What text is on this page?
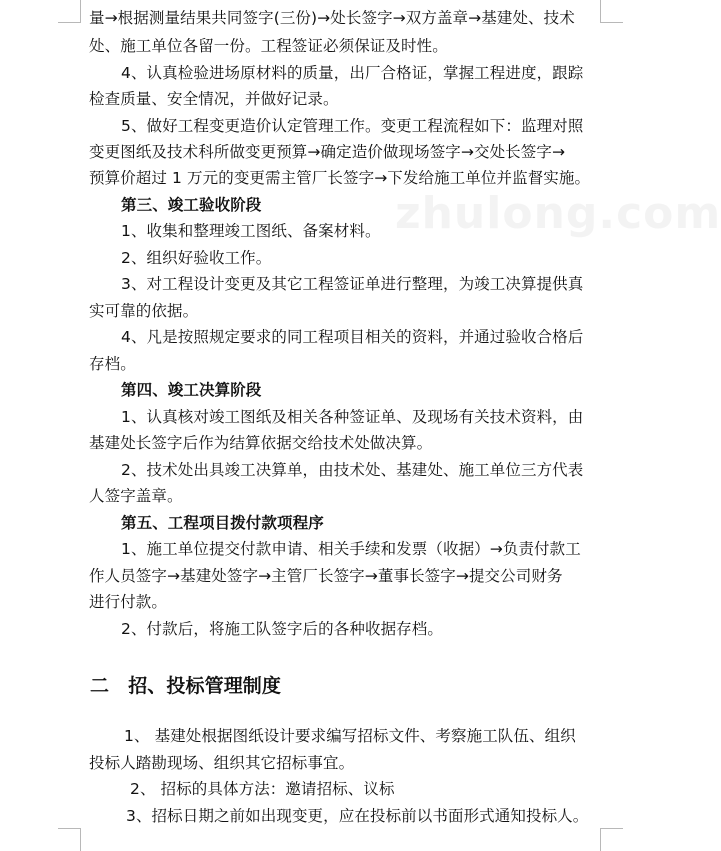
zhulong.com
量→根据测量结果共同签字(三份)→处长签字→双方盖章→基建处、技术
处、施工单位各留一份。工程签证必须保证及时性。
4、认真检验进场原材料的质量，出厂合格证，掌握工程进度，跟踪
检查质量、安全情况，并做好记录。
5、做好工程变更造价认定管理工作。变更工程流程如下：监理对照
变更图纸及技术科所做变更预算→确定造价做现场签字→交处长签字→
预算价超过 1 万元的变更需主管厂长签字→下发给施工单位并监督实施。
第三、竣工验收阶段
1、收集和整理竣工图纸、备案材料。
2、组织好验收工作。
3、对工程设计变更及其它工程签证单进行整理，为竣工决算提供真
实可靠的依据。
4、凡是按照规定要求的同工程项目相关的资料，并通过验收合格后
存档。
第四、竣工决算阶段
1、认真核对竣工图纸及相关各种签证单、及现场有关技术资料，由
基建处长签字后作为结算依据交给技术处做决算。
2、技术处出具竣工决算单，由技术处、基建处、施工单位三方代表
人签字盖章。
第五、工程项目拨付款项程序
1、施工单位提交付款申请、相关手续和发票（收据）→负责付款工
作人员签字→基建处签字→主管厂长签字→董事长签字→提交公司财务
进行付款。
2、付款后，将施工队签字后的各种收据存档。
二　招、投标管理制度
1、 基建处根据图纸设计要求编写招标文件、考察施工队伍、组织
投标人踏勘现场、组织其它招标事宜。
2、 招标的具体方法：邀请招标、议标
3、招标日期之前如出现变更，应在投标前以书面形式通知投标人。
